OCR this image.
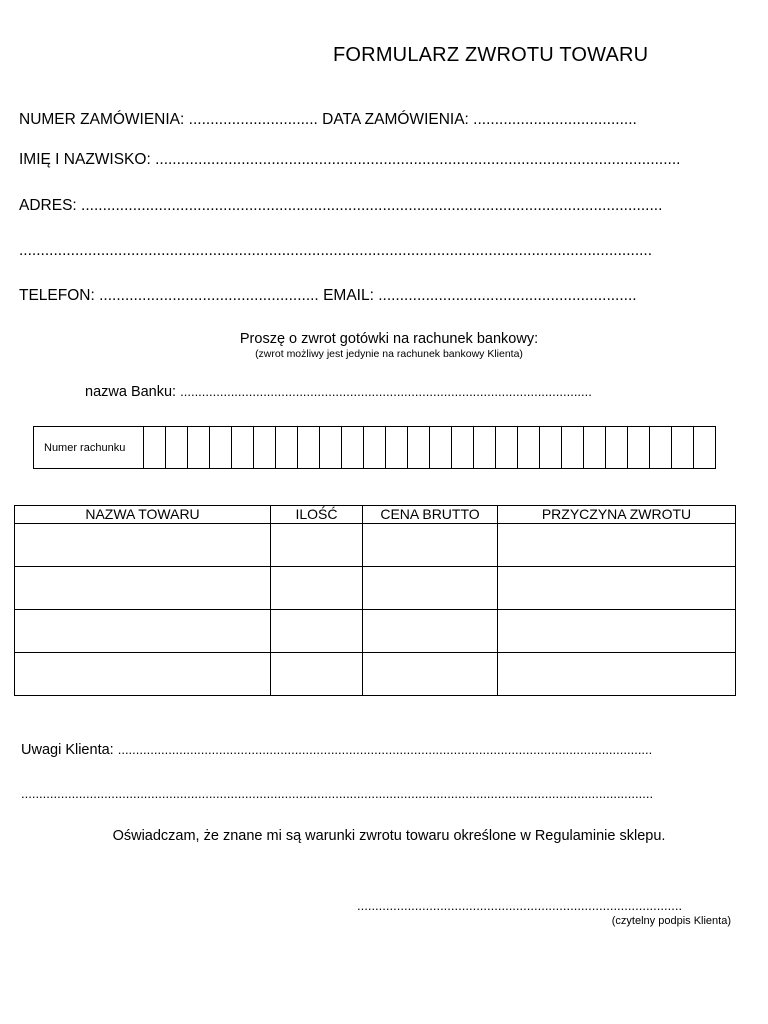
FORMULARZ ZWROTU TOWARU
NUMER ZAMÓWIENIA: .............................. DATA ZAMÓWIENIA: ......................................
IMIĘ I NAZWISKO: ..........................................................................................................................
ADRES: .......................................................................................................................................
...................................................................................................................................................
TELEFON: ................................................... EMAIL: ............................................................
Proszę o zwrot gotówki na rachunek bankowy:
(zwrot możliwy jest jedynie na rachunek bankowy Klienta)
nazwa Banku: ..................................................................................................................
Numer rachunku
NAZWA TOWARU	ILOŚĆ	CENA BRUTTO	PRZYCZYNA ZWROTU

Uwagi Klienta: ....................................................................................................................................................
...............................................................................................................................................................................
Oświadczam, że znane mi są warunki zwrotu towaru określone w Regulaminie sklepu.
..........................................................................................
(czytelny podpis Klienta)
